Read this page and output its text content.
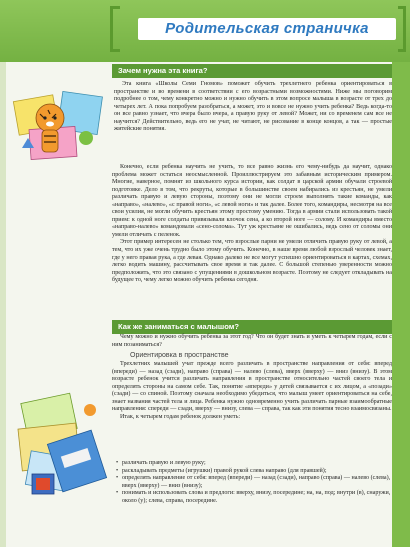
Родительская страничка
Зачем нужна эта книга?

Эта книга «Школы Семи Гномов» поможет обучить трехлетнего ребенка ориентироваться в пространстве и во времени в соответствии с его возрастными возможностями. Ниже мы поговорим подробнее о том, чему конкретно можно и нужно обучить в этом вопросе малыша в возрасте от трех до четырех лет. А пока попробуем разобраться, а может, это и вовсе не нужно учить ребенка? Ведь когда-то он все равно узнает, что вчера было вчера, а правую руку от левой? Может, ни со временем сам все не научится? Действительно, ведь его не учат, не читают, не рисование в конце концов, а так — простые житейские понятия.

Конечно, если ребенка научить не учить, то все равно жизнь его чему-нибудь да научит, однако проблема может остаться неосмысленной. Проиллюстрируем это забавным историческим примером. Многие, наверное, помнят из школьного курса истории, как солдат в царской армии обучали строевой подготовке. Дело в том, что рекруты, которые в большинстве своем набирались из крестьян, не умели различать правую и левую стороны, поэтому они не могли строем выполнять такие команды, как «направо», «налево», «с правой ноги», «с левой ноги» и так далее. Более того, командиры, несмотря на все свои усилия, не могли обучить крестьян этому простому умению. Тогда в армии стали использовать такой прием: к одной ноге солдаты привязывали клочок сена, а ко второй ноге — солому. И командиры вместо «направо-налево» командовали «сено-солома». Тут уж крестьяне не ошибались, ведь сено от соломы они умели отличать с пеленок.

Этот пример интересен не столько тем, что взрослые парни не умели отличить правую руку от левой, а тем, что их уже очень трудно было этому обучить. Конечно, в наше время любой взрослый человек знает, где у него правая рука, а где левая. Однако далеко не все могут успешно ориентироваться в картах, схемах, легко водить машину, рассчитывать свое время и так далее. С большой степенью уверенности можно предположить, что это связано с упущениями в дошкольном возрасте. Поэтому не следует откладывать на будущее то, чему легко можно обучить ребенка сегодня.

Как же заниматься с малышом?

Чему можно и нужно обучить ребенка за этот год? Что он будет знать и уметь к четырем годам, если с ним позаниматься?

Ориентировка в пространстве

Трехлетних малышей учат прежде всего различать в пространстве направления от себя: вперед (впереди) — назад (сзади), направо (справа) — налево (слева), вверх (вверху) — вниз (внизу). В этом возрасте ребенок учится различать направления в пространстве относительно частей своего тела и определять стороны на самом себе. Так, понятие «впереди» у детей связывается с их лицом, а «позади» (сзади) — со спиной. Поэтому сначала необходимо убедиться, что малыш умеет ориентироваться на себе, знает названия частей тела и лица. Ребенка нужно одновременно учить различать парные взаимообратные направления: спереди — сзади, вверху — внизу, слева — справа, так как эти понятия тесно взаимосвязаны.

Итак, к четырем годам ребенок должен уметь:

• различать правую и левую руку;
• раскладывать предметы (игрушки) правой рукой слева направо (для правшей);
• определять направление от себя: вперед (впереди) — назад (сзади), направо (справа) — налево (слева), вверх (вверху) — вниз (внизу);
• понимать и использовать слова и предлоги: вверху, внизу, посередине; на, на, под; внутри (в), снаружи, около (у); слева, справа, посередине.
